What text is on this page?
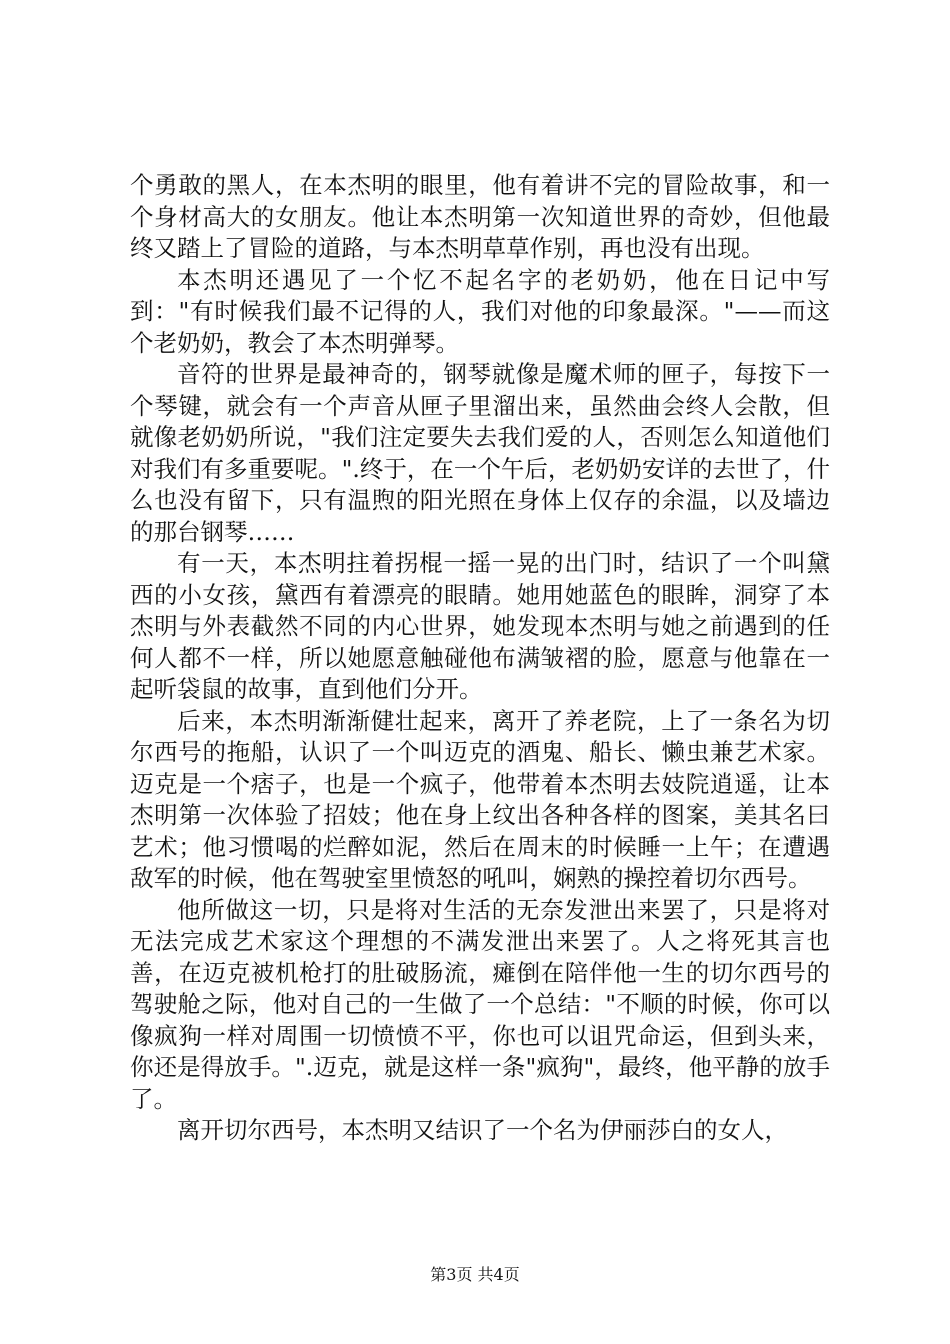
个勇敢的黑人，在本杰明的眼里，他有着讲不完的冒险故事，和一个身材高大的女朋友。他让本杰明第一次知道世界的奇妙，但他最终又踏上了冒险的道路，与本杰明草草作别，再也没有出现。

本杰明还遇见了一个忆不起名字的老奶奶，他在日记中写到："有时候我们最不记得的人，我们对他的印象最深。"——而这个老奶奶，教会了本杰明弹琴。

音符的世界是最神奇的，钢琴就像是魔术师的匣子，每按下一个琴键，就会有一个声音从匣子里溜出来，虽然曲会终人会散，但就像老奶奶所说，"我们注定要失去我们爱的人，否则怎么知道他们对我们有多重要呢。".终于，在一个午后，老奶奶安详的去世了，什么也没有留下，只有温煦的阳光照在身体上仅存的余温，以及墙边的那台钢琴……

有一天，本杰明拄着拐棍一摇一晃的出门时，结识了一个叫黛西的小女孩，黛西有着漂亮的眼睛。她用她蓝色的眼眸，洞穿了本杰明与外表截然不同的内心世界，她发现本杰明与她之前遇到的任何人都不一样，所以她愿意触碰他布满皱褶的脸，愿意与他靠在一起听袋鼠的故事，直到他们分开。

后来，本杰明渐渐健壮起来，离开了养老院，上了一条名为切尔西号的拖船，认识了一个叫迈克的酒鬼、船长、懒虫兼艺术家。迈克是一个痞子，也是一个疯子，他带着本杰明去妓院逍遥，让本杰明第一次体验了招妓；他在身上纹出各种各样的图案，美其名曰艺术；他习惯喝的烂醉如泥，然后在周末的时候睡一上午；在遭遇敌军的时候，他在驾驶室里愤怒的吼叫，娴熟的操控着切尔西号。

他所做这一切，只是将对生活的无奈发泄出来罢了，只是将对无法完成艺术家这个理想的不满发泄出来罢了。人之将死其言也善，在迈克被机枪打的肚破肠流，瘫倒在陪伴他一生的切尔西号的驾驶舱之际，他对自己的一生做了一个总结："不顺的时候，你可以像疯狗一样对周围一切愤愤不平，你也可以诅咒命运，但到头来，你还是得放手。".迈克，就是这样一条"疯狗"，最终，他平静的放手了。

离开切尔西号，本杰明又结识了一个名为伊丽莎白的女人，

第3页 共4页
